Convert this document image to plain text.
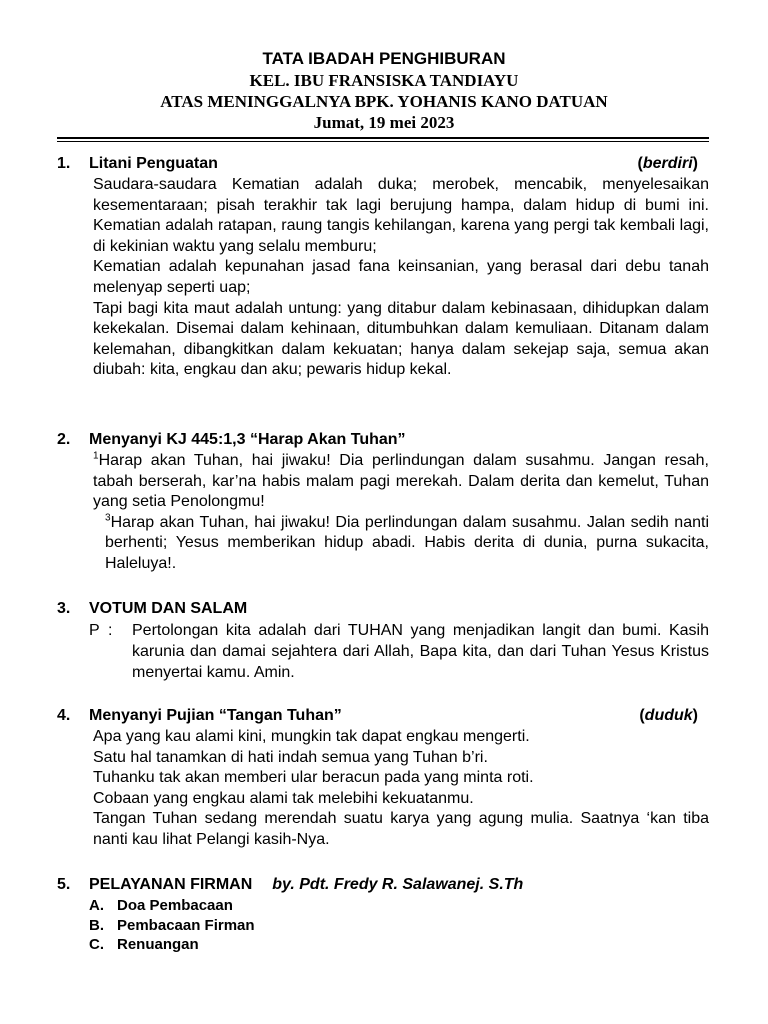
TATA IBADAH PENGHIBURAN
KEL. IBU FRANSISKA TANDIAYU
ATAS MENINGGALNYA BPK. YOHANIS KANO DATUAN
Jumat, 19 mei 2023
1. Litani Penguatan	(berdiri)

Saudara-saudara Kematian adalah duka; merobek, mencabik, menyelesaikan kesementaraan; pisah terakhir tak lagi berujung hampa, dalam hidup di bumi ini. Kematian adalah ratapan, raung tangis kehilangan, karena yang pergi tak kembali lagi, di kekinian waktu yang selalu memburu;

Kematian adalah kepunahan jasad fana keinsanian, yang berasal dari debu tanah melenyap seperti uap;

Tapi bagi kita maut adalah untung: yang ditabur dalam kebinasaan, dihidupkan dalam kekekalan. Disemai dalam kehinaan, ditumbuhkan dalam kemuliaan. Ditanam dalam kelemahan, dibangkitkan dalam kekuatan; hanya dalam sekejap saja, semua akan diubah: kita, engkau dan aku; pewaris hidup kekal.

2. Menyanyi KJ 445:1,3 “Harap Akan Tuhan”
$^1$Harap akan Tuhan, hai jiwaku! Dia perlindungan dalam susahmu. Jangan resah, tabah berserah, kar’na habis malam pagi merekah. Dalam derita dan kemelut, Tuhan yang setia Penolongmu!
$^3$Harap akan Tuhan, hai jiwaku! Dia perlindungan dalam susahmu. Jalan sedih nanti berhenti; Yesus memberikan hidup abadi. Habis derita di dunia, purna sukacita, Haleluya!.
3. VOTUM DAN SALAM
P : Pertolongan kita adalah dari TUHAN yang menjadikan langit dan bumi. Kasih karunia dan damai sejahtera dari Allah, Bapa kita, dan dari Tuhan Yesus Kristus menyertai kamu. Amin.
4. Menyanyi Pujian “Tangan Tuhan”	(duduk)
Apa yang kau alami kini, mungkin tak dapat engkau mengerti.
Satu hal tanamkan di hati indah semua yang Tuhan b’ri.
Tuhanku tak akan memberi ular beracun pada yang minta roti.
Cobaan yang engkau alami tak melebihi kekuatanmu.
Tangan Tuhan sedang merendah suatu karya yang agung mulia. Saatnya ‘kan tiba nanti kau lihat Pelangi kasih-Nya.
5. PELAYANAN FIRMAN by. Pdt. Fredy R. Salawanej. S.Th
A. Doa Pembacaan
B. Pembacaan Firman
C. Renuangan
